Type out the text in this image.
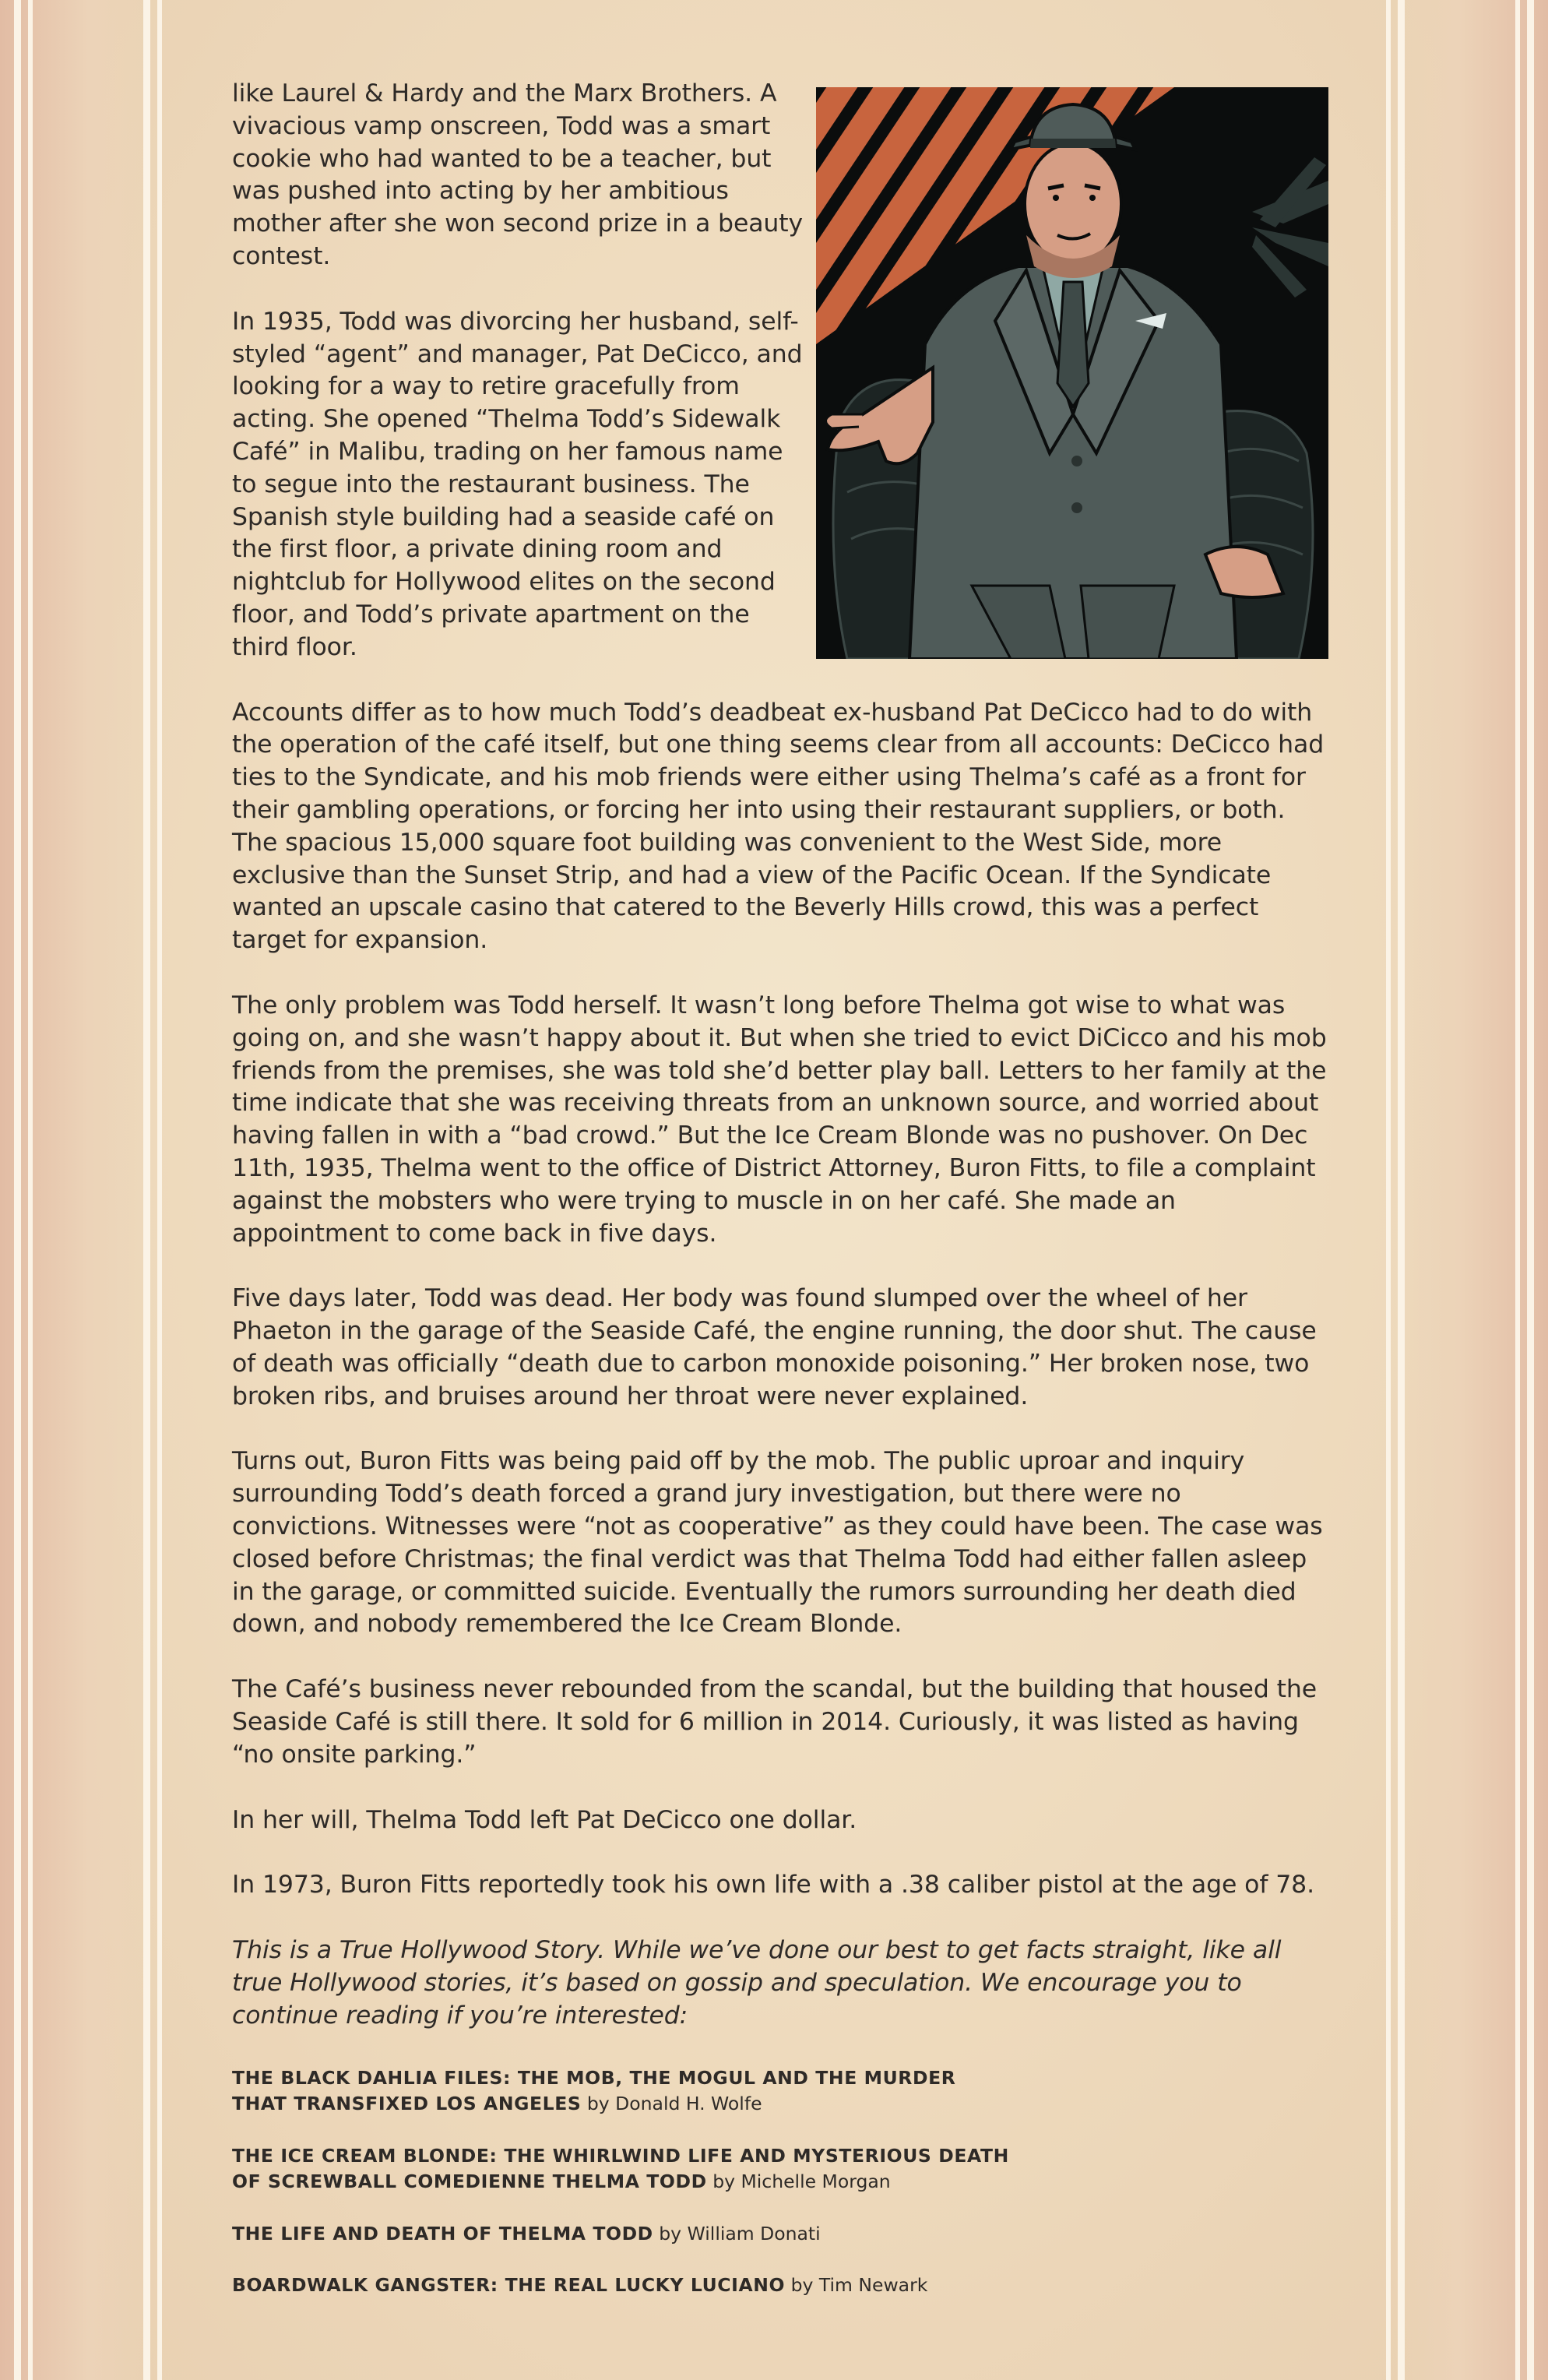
like Laurel & Hardy and the Marx Brothers. A vivacious vamp onscreen, Todd was a smart cookie who had wanted to be a teacher, but was pushed into acting by her ambitious mother after she won second prize in a beauty contest.

In 1935, Todd was divorcing her husband, self-styled “agent” and manager, Pat DeCicco, and looking for a way to retire gracefully from acting. She opened “Thelma Todd’s Sidewalk Café” in Malibu, trading on her famous name to segue into the restaurant business. The Spanish style building had a seaside café on the first floor, a private dining room and nightclub for Hollywood elites on the second floor, and Todd’s private apartment on the third floor.

Accounts differ as to how much Todd’s deadbeat ex-husband Pat DeCicco had to do with the operation of the café itself, but one thing seems clear from all accounts: DeCicco had ties to the Syndicate, and his mob friends were either using Thelma’s café as a front for their gambling operations, or forcing her into using their restaurant suppliers, or both. The spacious 15,000 square foot building was convenient to the West Side, more exclusive than the Sunset Strip, and had a view of the Pacific Ocean. If the Syndicate wanted an upscale casino that catered to the Beverly Hills crowd, this was a perfect target for expansion.

The only problem was Todd herself. It wasn’t long before Thelma got wise to what was going on, and she wasn’t happy about it. But when she tried to evict DiCicco and his mob friends from the premises, she was told she’d better play ball. Letters to her family at the time indicate that she was receiving threats from an unknown source, and worried about having fallen in with a “bad crowd.” But the Ice Cream Blonde was no pushover. On Dec 11th, 1935, Thelma went to the office of District Attorney, Buron Fitts, to file a complaint against the mobsters who were trying to muscle in on her café. She made an appointment to come back in five days.

Five days later, Todd was dead. Her body was found slumped over the wheel of her Phaeton in the garage of the Seaside Café, the engine running, the door shut. The cause of death was officially “death due to carbon monoxide poisoning.” Her broken nose, two broken ribs, and bruises around her throat were never explained.

Turns out, Buron Fitts was being paid off by the mob. The public uproar and inquiry surrounding Todd’s death forced a grand jury investigation, but there were no convictions. Witnesses were “not as cooperative” as they could have been. The case was closed before Christmas; the final verdict was that Thelma Todd had either fallen asleep in the garage, or committed suicide. Eventually the rumors surrounding her death died down, and nobody remembered the Ice Cream Blonde.

The Café’s business never rebounded from the scandal, but the building that housed the Seaside Café is still there. It sold for 6 million in 2014. Curiously, it was listed as having “no onsite parking.”

In her will, Thelma Todd left Pat DeCicco one dollar.

In 1973, Buron Fitts reportedly took his own life with a .38 caliber pistol at the age of 78.

This is a True Hollywood Story. While we’ve done our best to get facts straight, like all true Hollywood stories, it’s based on gossip and speculation. We encourage you to continue reading if you’re interested:

THE BLACK DAHLIA FILES: THE MOB, THE MOGUL AND THE MURDER
THAT TRANSFIXED LOS ANGELES by Donald H. Wolfe

THE ICE CREAM BLONDE: THE WHIRLWIND LIFE AND MYSTERIOUS DEATH
OF SCREWBALL COMEDIENNE THELMA TODD by Michelle Morgan

THE LIFE AND DEATH OF THELMA TODD by William Donati

BOARDWALK GANGSTER: THE REAL LUCKY LUCIANO by Tim Newark
